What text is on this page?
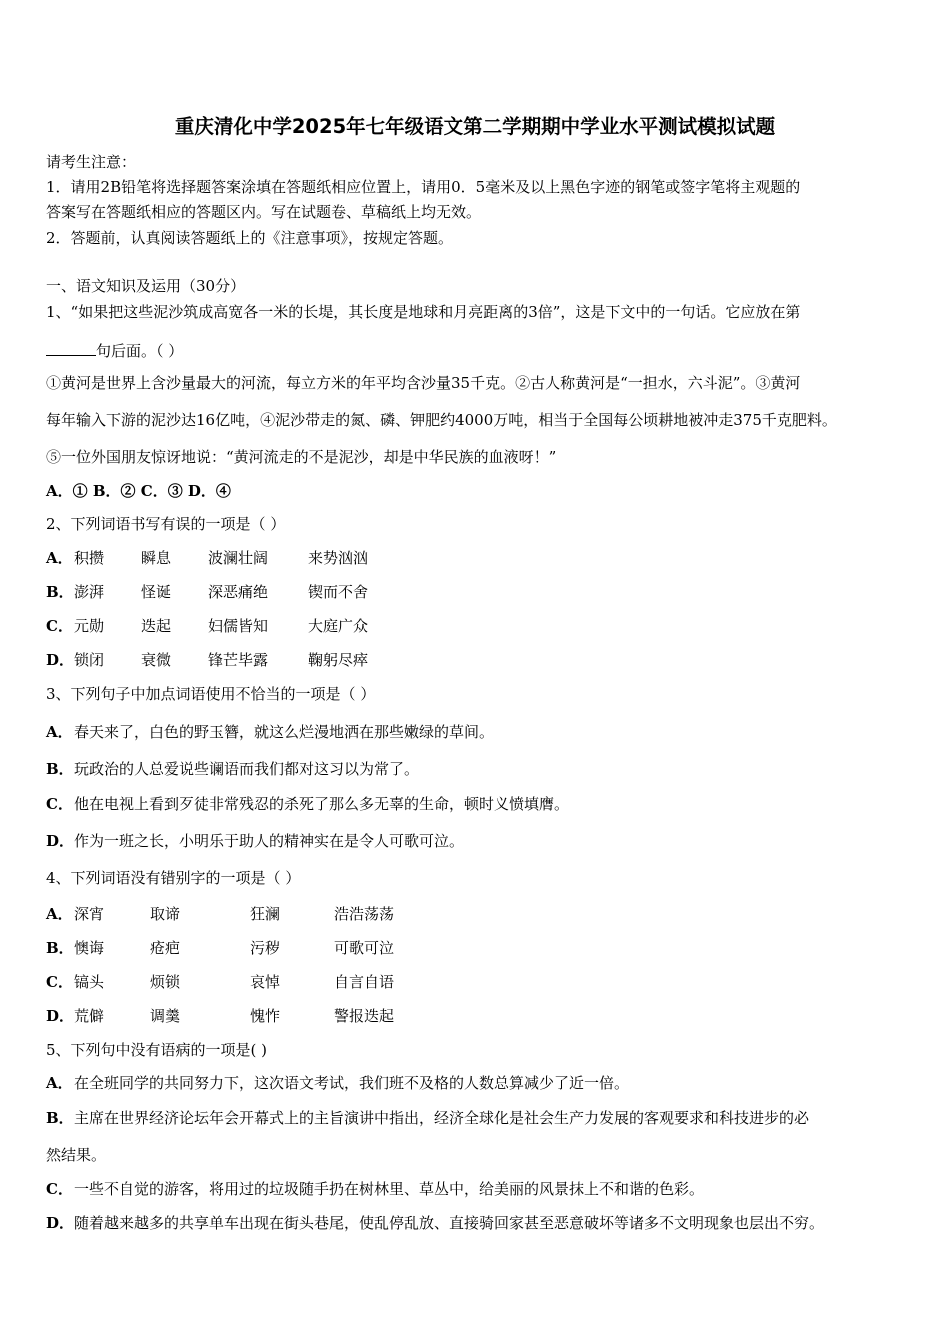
重庆清化中学2025年七年级语文第二学期期中学业水平测试模拟试题
请考生注意：
1．请用2B铅笔将选择题答案涂填在答题纸相应位置上，请用0．5毫米及以上黑色字迹的钢笔或签字笔将主观题的
答案写在答题纸相应的答题区内。写在试题卷、草稿纸上均无效。
2．答题前，认真阅读答题纸上的《注意事项》，按规定答题。
一、语文知识及运用（30分）
1、“如果把这些泥沙筑成高宽各一米的长堤，其长度是地球和月亮距离的3倍”，这是下文中的一句话。它应放在第
句后面。（ ）
①黄河是世界上含沙量最大的河流，每立方米的年平均含沙量35千克。②古人称黄河是“一担水，六斗泥”。③黄河
每年输入下游的泥沙达16亿吨，④泥沙带走的氮、磷、钾肥约4000万吨，相当于全国每公顷耕地被冲走375千克肥料。
⑤一位外国朋友惊讶地说：“黄河流走的不是泥沙，却是中华民族的血液呀！”
A．① B．② C．③ D．④
2、下列词语书写有误的一项是（ ）
A． 积攒 瞬息 波澜壮阔	来势汹汹
B． 澎湃 怪诞 深恶痛绝	锲而不舍
C． 元勋 迭起 妇儒皆知	大庭广众
D． 锁闭 衰微 锋芒毕露	鞠躬尽瘁
3、下列句子中加点词语使用不恰当的一项是（ ）
A． 春天来了，白色的野玉簪，就这么烂漫地洒在那些嫩绿的草间。
B． 玩政治的人总爱说些谰语而我们都对这习以为常了。
C． 他在电视上看到歹徒非常残忍的杀死了那么多无辜的生命，顿时义愤填膺。
D． 作为一班之长，小明乐于助人的精神实在是令人可歌可泣。
4、下列词语没有错别字的一项是（ ）
A． 深宵	取谛	狂澜	浩浩荡荡
B． 懊诲	疮疤	污秽	可歌可泣
C． 镐头	烦锁	哀悼	自言自语
D． 荒僻	调羹	愧怍	警报迭起
5、下列句中没有语病的一项是( )
A． 在全班同学的共同努力下，这次语文考试，我们班不及格的人数总算减少了近一倍。
B． 主席在世界经济论坛年会开幕式上的主旨演讲中指出，经济全球化是社会生产力发展的客观要求和科技进步的必
然结果。
C． 一些不自觉的游客，将用过的垃圾随手扔在树林里、草丛中，给美丽的风景抹上不和谐的色彩。
D． 随着越来越多的共享单车出现在街头巷尾，使乱停乱放、直接骑回家甚至恶意破坏等诸多不文明现象也层出不穷。
